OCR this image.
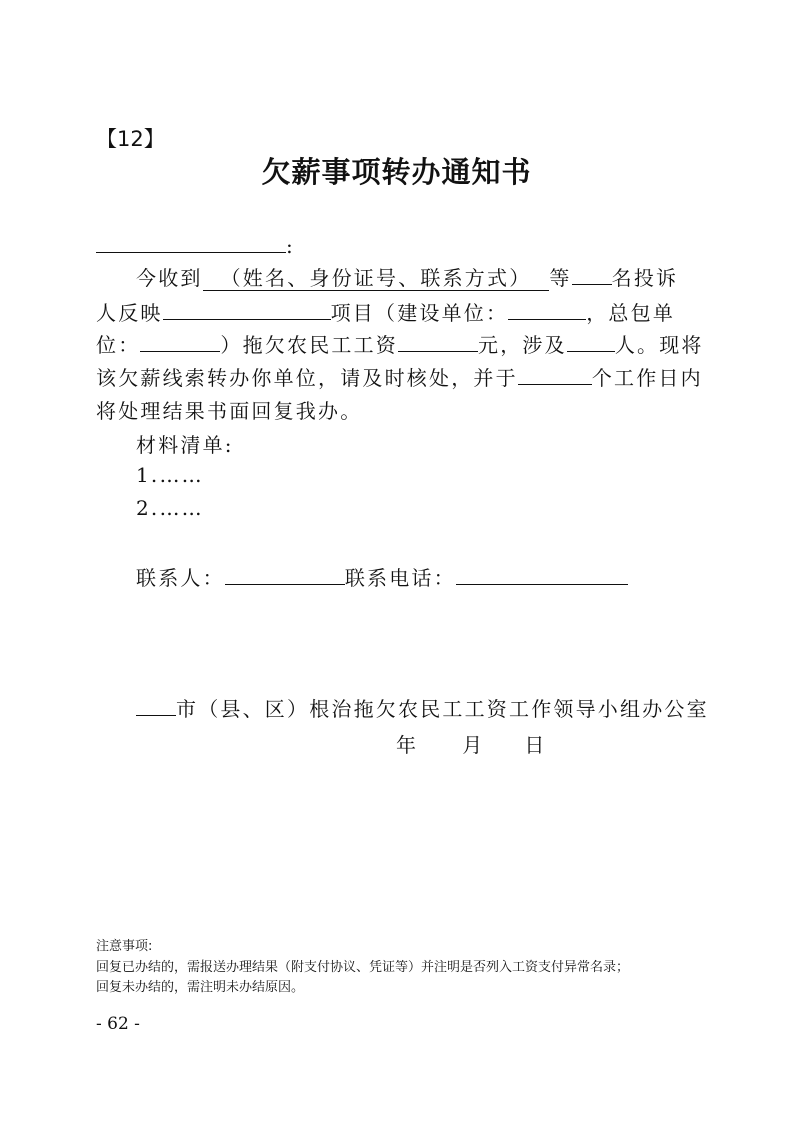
【12】
欠薪事项转办通知书
:
今收到 （姓名、身份证号、联系方式） 等 名投诉
人反映	项目（建设单位：	，总包单
位：	）拖欠农民工工资	元，涉及 人。现将
该欠薪线索转办你单位，请及时核处，并于	个工作日内
将处理结果书面回复我办。
材料清单:
1.……
2.……
联系人：	联系电话：
市（县、区）根治拖欠农民工工资工作领导小组办公室
年 月 日
注意事项:
回复已办结的，需报送办理结果（附支付协议、凭证等）并注明是否列入工资支付异常名录；
回复未办结的，需注明未办结原因。
- 62 -
